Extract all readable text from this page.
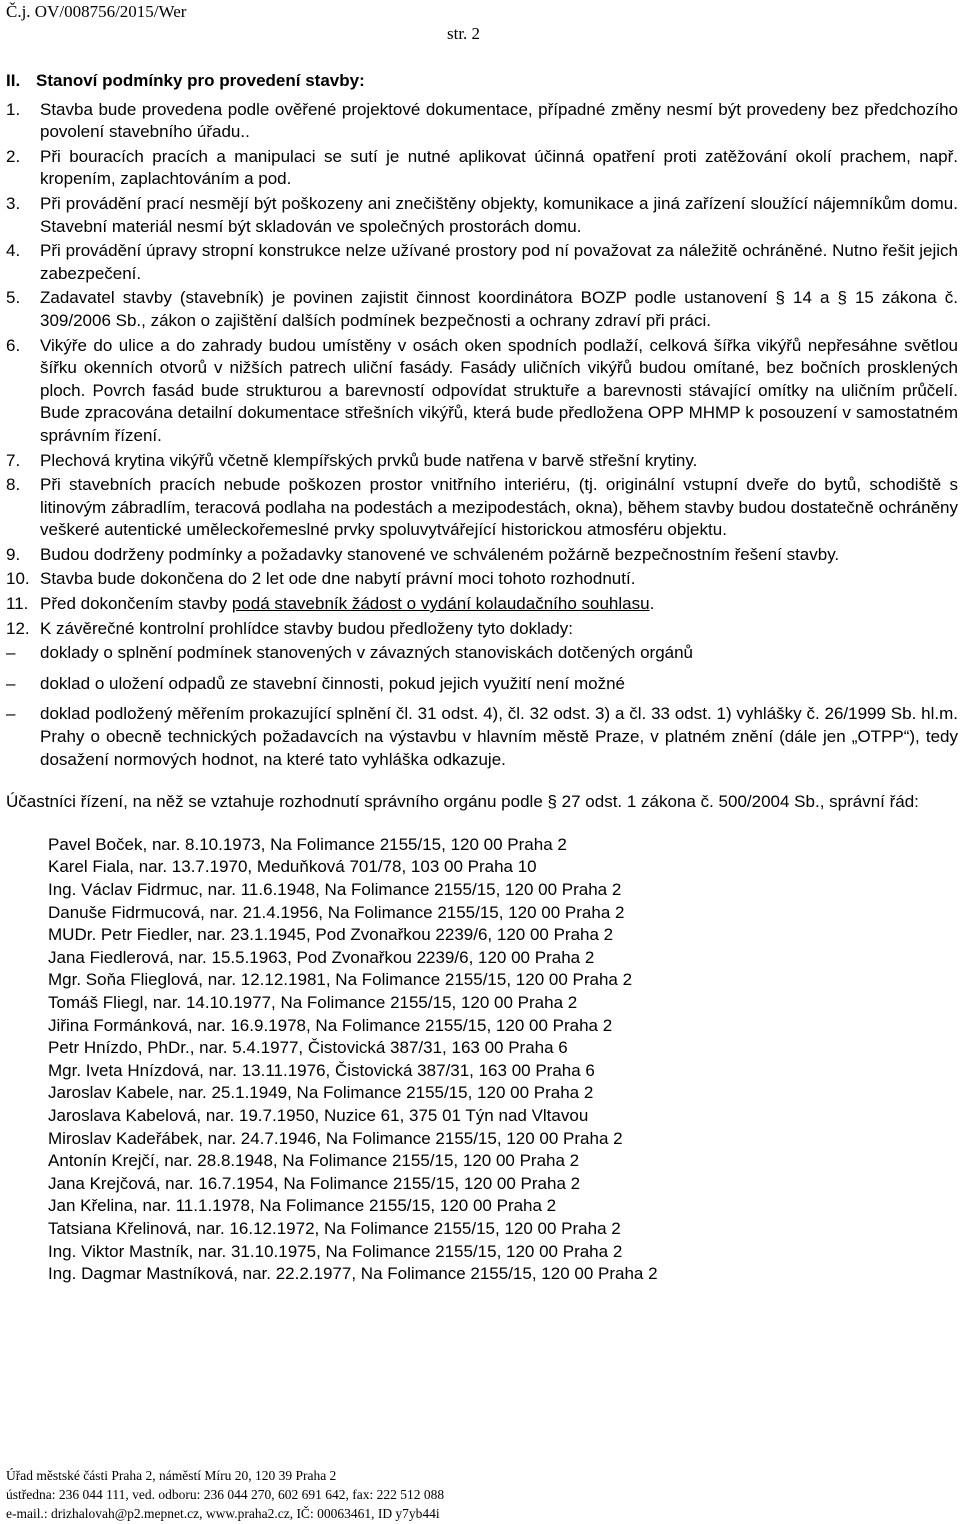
Č.j. OV/008756/2015/Wer
str. 2
II. Stanoví podmínky pro provedení stavby:
1.	Stavba bude provedena podle ověřené projektové dokumentace, případné změny nesmí být provedeny bez předchozího povolení stavebního úřadu..
2.	Při bouracích pracích a manipulaci se sutí je nutné aplikovat účinná opatření proti zatěžování okolí prachem, např. kropením, zaplachtováním a pod.
3.	Při provádění prací nesmějí být poškozeny ani znečištěny objekty, komunikace a jiná zařízení sloužící nájemníkům domu. Stavební materiál nesmí být skladován ve společných prostorách domu.
4.	Při provádění úpravy stropní konstrukce nelze užívané prostory pod ní považovat za náležitě ochráněné. Nutno řešit jejich zabezpečení.
5.	Zadavatel stavby (stavebník) je povinen zajistit činnost koordinátora BOZP podle ustanovení § 14 a § 15 zákona č. 309/2006 Sb., zákon o zajištění dalších podmínek bezpečnosti a ochrany zdraví při práci.
6.	Vikýře do ulice a do zahrady budou umístěny v osách oken spodních podlaží, celková šířka vikýřů nepřesáhne světlou šířku okenních otvorů v nižších patrech uliční fasády. Fasády uličních vikýřů budou omítané, bez bočních prosklených ploch. Povrch fasád bude strukturou a barevností odpovídat struktuře a barevnosti stávající omítky na uličním průčelí. Bude zpracována detailní dokumentace střešních vikýřů, která bude předložena OPP MHMP k posouzení v samostatném správním řízení.
7.	Plechová krytina vikýřů včetně klempířských prvků bude natřena v barvě střešní krytiny.
8.	Při stavebních pracích nebude poškozen prostor vnitřního interiéru, (tj. originální vstupní dveře do bytů, schodiště s litinovým zábradlím, teracová podlaha na podestách a mezipodestách, okna), během stavby budou dostatečně ochráněny veškeré autentické uměleckořemeslné prvky spoluvytvářející historickou atmosféru objektu.
9.	Budou dodrženy podmínky a požadavky stanovené ve schváleném požárně bezpečnostním řešení stavby.
10. Stavba bude dokončena do 2 let ode dne nabytí právní moci tohoto rozhodnutí.
11. Před dokončením stavby podá stavebník žádost o vydání kolaudačního souhlasu.
12. K závěrečné kontrolní prohlídce stavby budou předloženy tyto doklady:
–	doklady o splnění podmínek stanovených v závazných stanoviskách dotčených orgánů
–	doklad o uložení odpadů ze stavební činnosti, pokud jejich využití není možné
–	doklad podložený měřením prokazující splnění čl. 31 odst. 4), čl. 32 odst. 3) a čl. 33 odst. 1) vyhlášky č. 26/1999 Sb. hl.m. Prahy o obecně technických požadavcích na výstavbu v hlavním městě Praze, v platném znění (dále jen „OTPP“), tedy dosažení normových hodnot, na které tato vyhláška odkazuje.
Účastníci řízení, na něž se vztahuje rozhodnutí správního orgánu podle § 27 odst. 1 zákona č. 500/2004 Sb., správní řád:
Pavel Boček, nar. 8.10.1973, Na Folimance 2155/15, 120 00 Praha 2
Karel Fiala, nar. 13.7.1970, Meduňková 701/78, 103 00 Praha 10
Ing. Václav Fidrmuc, nar. 11.6.1948, Na Folimance 2155/15, 120 00 Praha 2
Danuše Fidrmucová, nar. 21.4.1956, Na Folimance 2155/15, 120 00 Praha 2
MUDr. Petr Fiedler, nar. 23.1.1945, Pod Zvonařkou 2239/6, 120 00 Praha 2
Jana Fiedlerová, nar. 15.5.1963, Pod Zvonařkou 2239/6, 120 00 Praha 2
Mgr. Soňa Flieglová, nar. 12.12.1981, Na Folimance 2155/15, 120 00 Praha 2
Tomáš Fliegl, nar. 14.10.1977, Na Folimance 2155/15, 120 00 Praha 2
Jiřina Formánková, nar. 16.9.1978, Na Folimance 2155/15, 120 00 Praha 2
Petr Hnízdo, PhDr., nar. 5.4.1977, Čistovická 387/31, 163 00 Praha 6
Mgr. Iveta Hnízdová, nar. 13.11.1976, Čistovická 387/31, 163 00 Praha 6
Jaroslav Kabele, nar. 25.1.1949, Na Folimance 2155/15, 120 00 Praha 2
Jaroslava Kabelová, nar. 19.7.1950, Nuzice 61, 375 01 Týn nad Vltavou
Miroslav Kadeřábek, nar. 24.7.1946, Na Folimance 2155/15, 120 00 Praha 2
Antonín Krejčí, nar. 28.8.1948, Na Folimance 2155/15, 120 00 Praha 2
Jana Krejčová, nar. 16.7.1954, Na Folimance 2155/15, 120 00 Praha 2
Jan Křelina, nar. 11.1.1978, Na Folimance 2155/15, 120 00 Praha 2
Tatsiana Křelinová, nar. 16.12.1972, Na Folimance 2155/15, 120 00 Praha 2
Ing. Viktor Mastník, nar. 31.10.1975, Na Folimance 2155/15, 120 00 Praha 2
Ing. Dagmar Mastníková, nar. 22.2.1977, Na Folimance 2155/15, 120 00 Praha 2
Úřad městské části Praha 2, náměstí Míru 20, 120 39 Praha 2
ústředna: 236 044 111, ved. odboru: 236 044 270, 602 691 642, fax: 222 512 088
e-mail.: drizhalovah@p2.mepnet.cz, www.praha2.cz, IČ: 00063461, ID y7yb44i
